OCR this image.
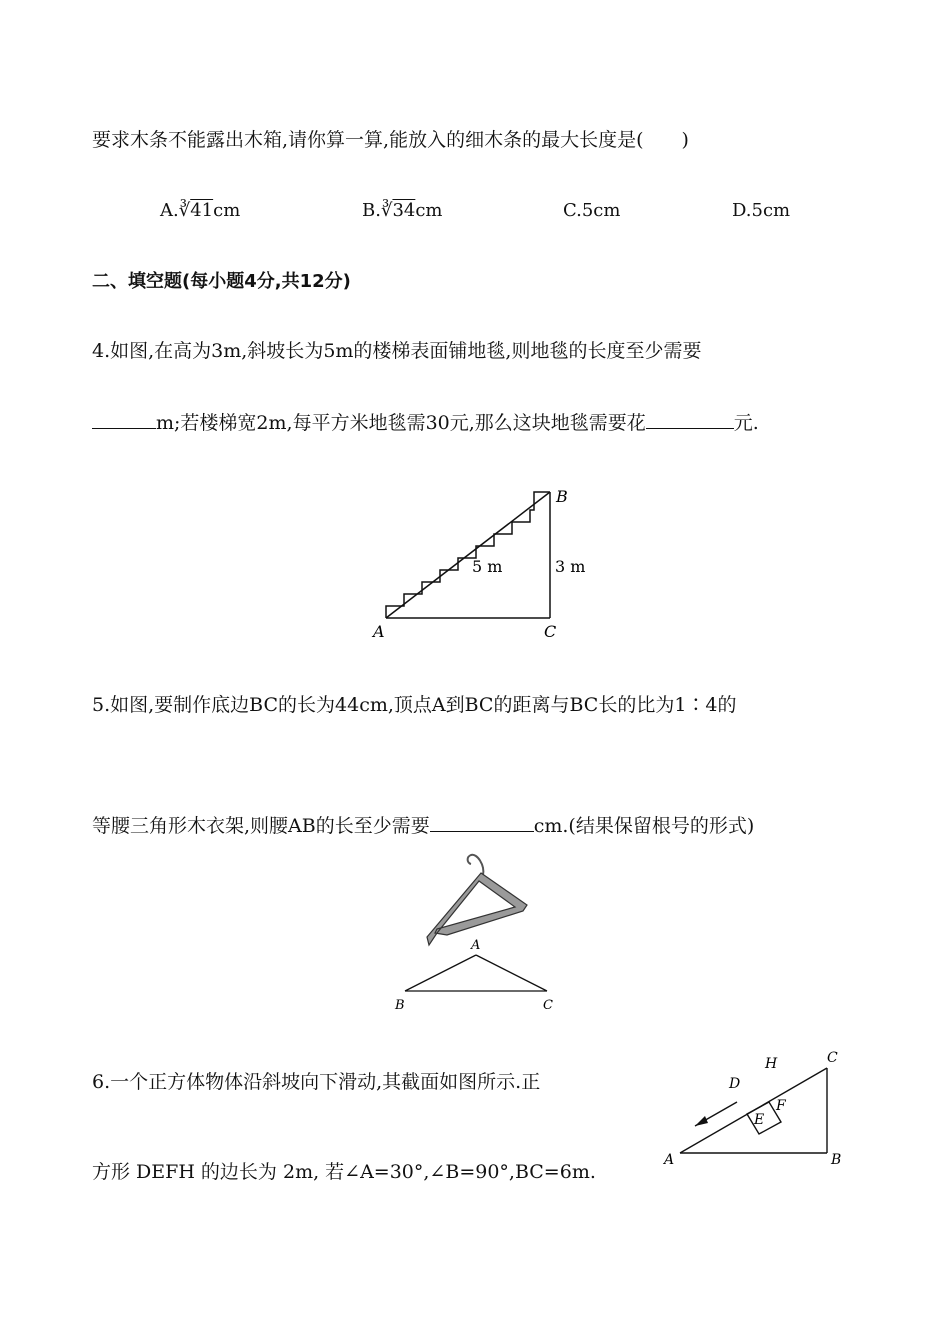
要求木条不能露出木箱,请你算一算,能放入的细木条的最大长度是(　　)
A.∛41cm	B.∛34cm	C.5cm	D.5cm
二、填空题(每小题4分,共12分)
4.如图,在高为3m,斜坡长为5m的楼梯表面铺地毯,则地毯的长度至少需要
m;若楼梯宽2m,每平方米地毯需30元,那么这块地毯需要花	元.
5 m	3 m
A
B
C
5.如图,要制作底边BC的长为44cm,顶点A到BC的距离与BC长的比为1∶4的
等腰三角形木衣架,则腰AB的长至少需要	cm.(结果保留根号的形式)
A
B	C
6.一个正方体物体沿斜坡向下滑动,其截面如图所示.正
方形 DEFH 的边长为 2m, 若∠A=30°,∠B=90°,BC=6m.
A	B
C
D
E
F
H
